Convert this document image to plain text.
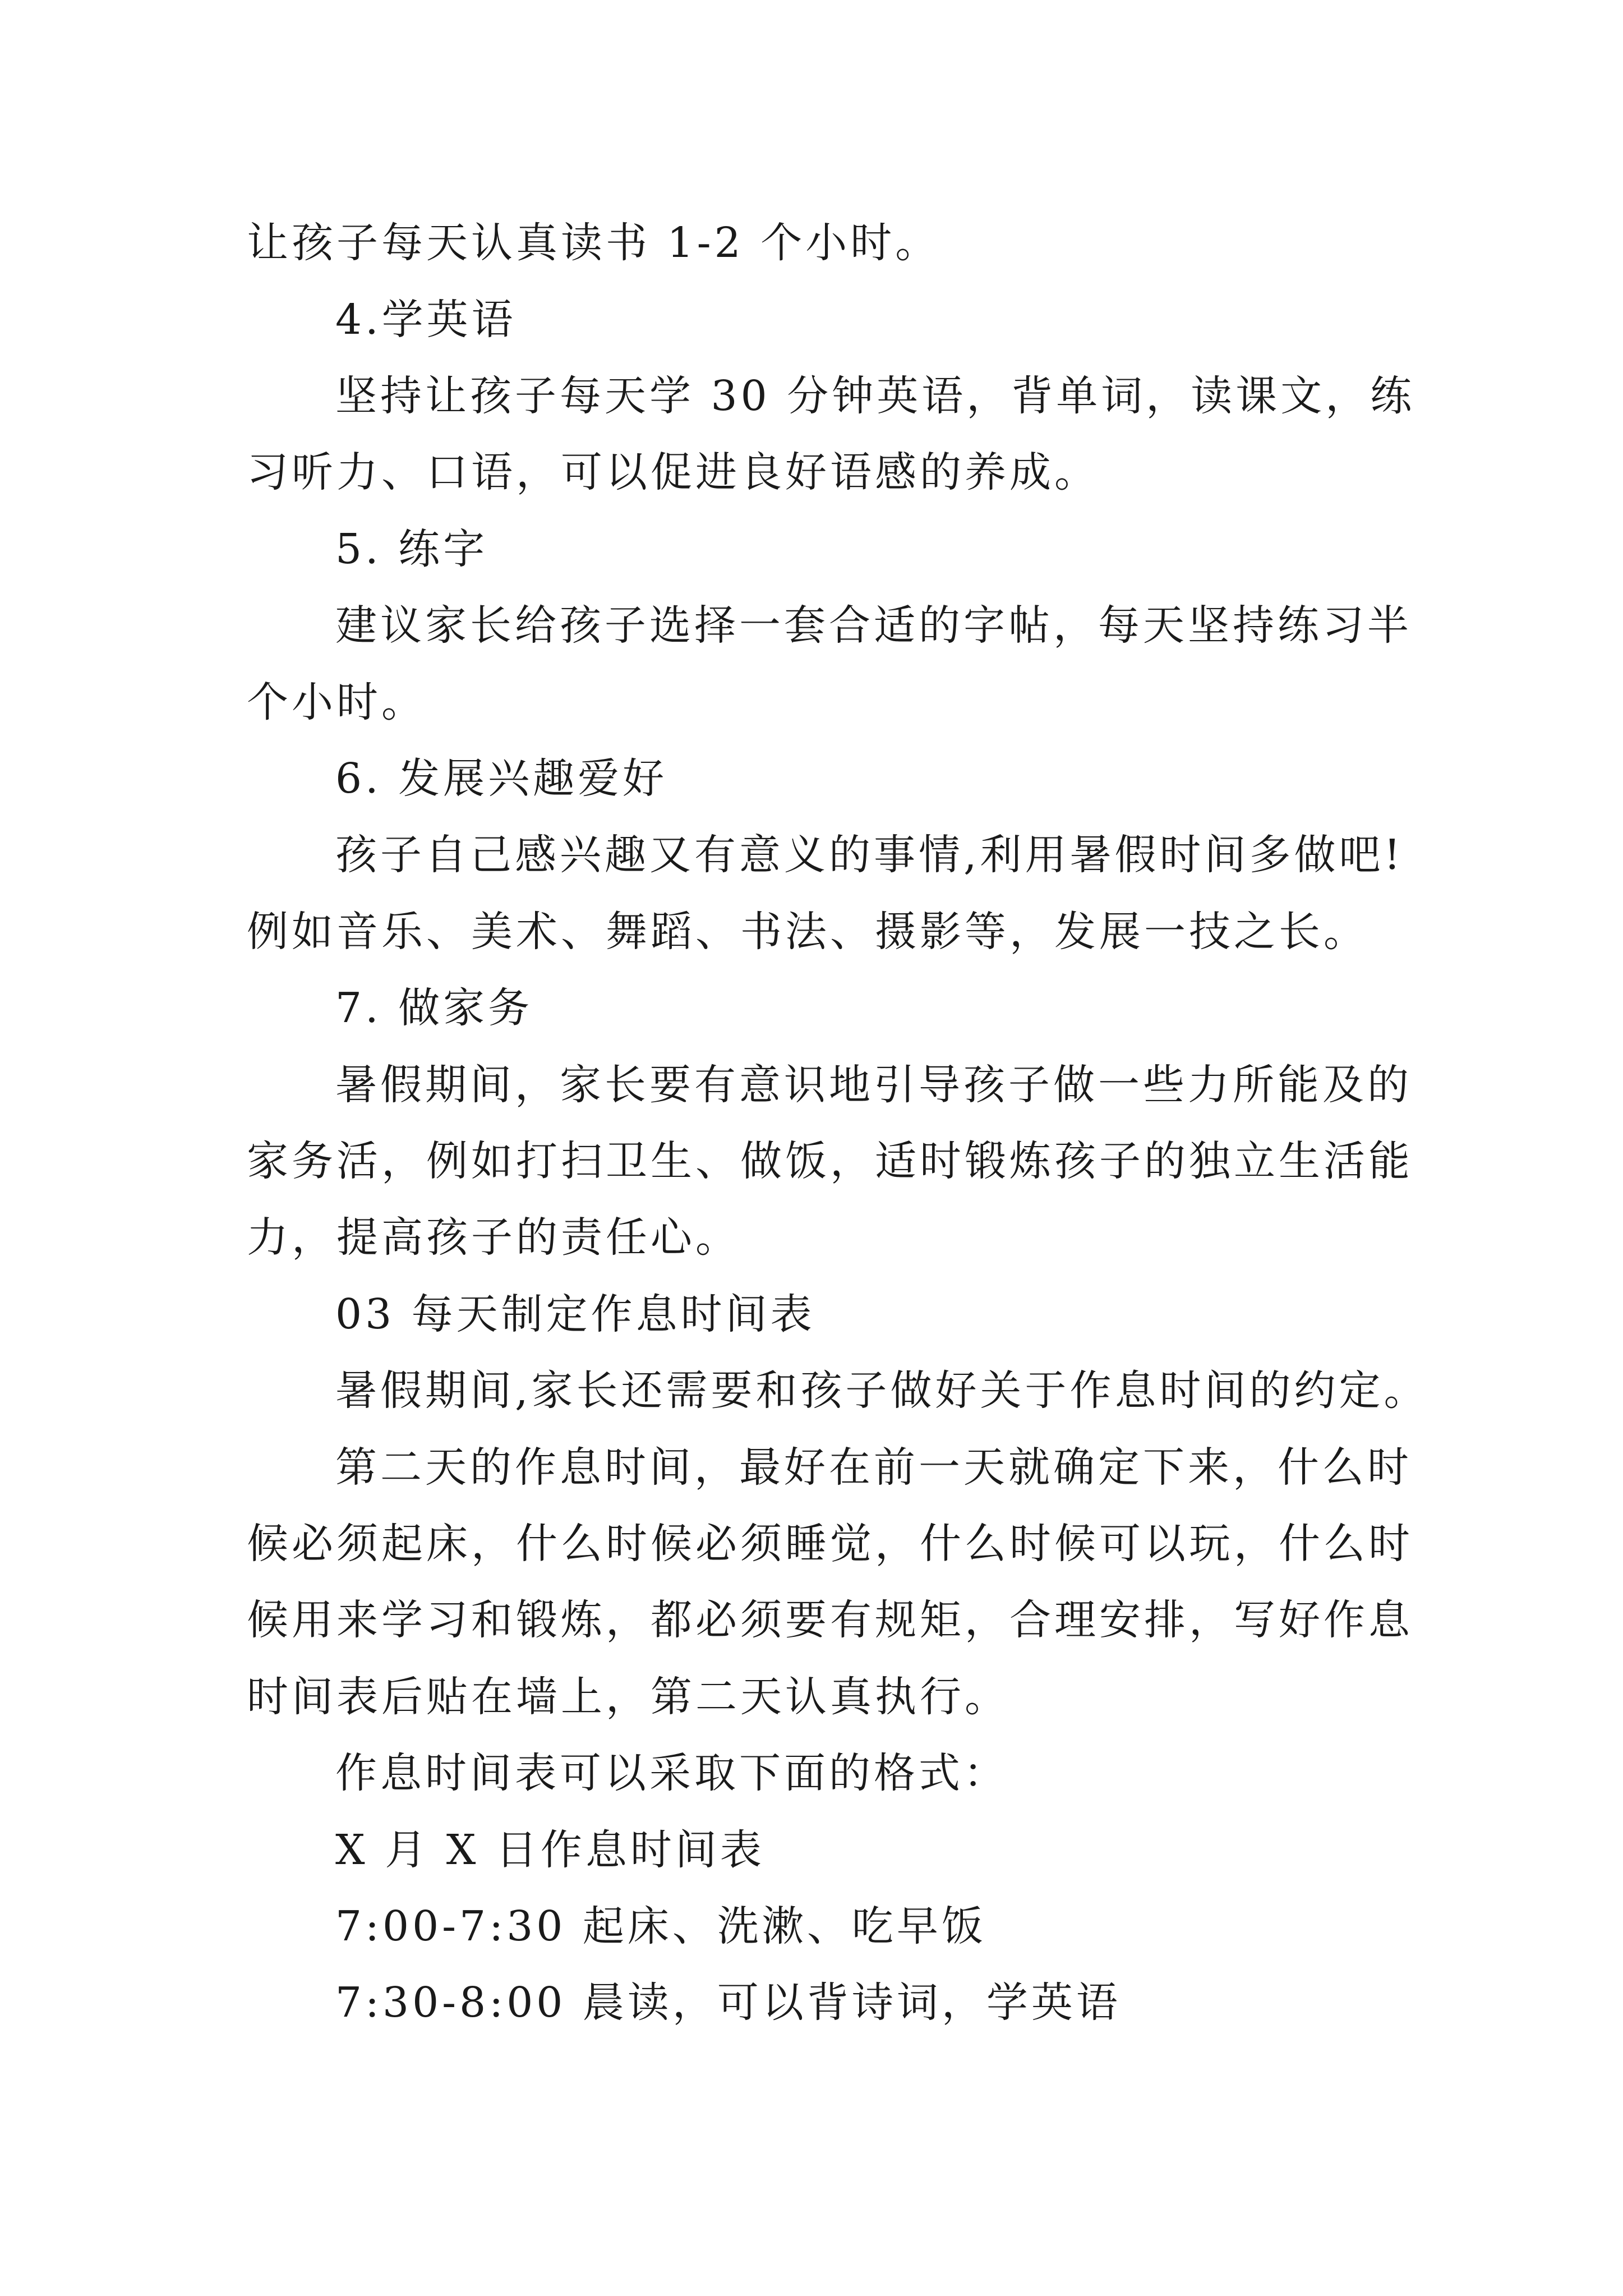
让孩子每天认真读书 1-2 个小时。
4.学英语
坚持让孩子每天学 30 分钟英语，背单词，读课文，练
习听力、口语，可以促进良好语感的养成。
5. 练字
建议家长给孩子选择一套合适的字帖，每天坚持练习半
个小时。
6. 发展兴趣爱好
孩子自己感兴趣又有意义的事情,利用暑假时间多做吧!
例如音乐、美术、舞蹈、书法、摄影等，发展一技之长。
7. 做家务
暑假期间，家长要有意识地引导孩子做一些力所能及的
家务活，例如打扫卫生、做饭，适时锻炼孩子的独立生活能
力，提高孩子的责任心。
03 每天制定作息时间表
暑假期间,家长还需要和孩子做好关于作息时间的约定。
第二天的作息时间，最好在前一天就确定下来，什么时
候必须起床，什么时候必须睡觉，什么时候可以玩，什么时
候用来学习和锻炼，都必须要有规矩，合理安排，写好作息
时间表后贴在墙上，第二天认真执行。
作息时间表可以采取下面的格式：
X 月 X 日作息时间表
7:00-7:30 起床、洗漱、吃早饭
7:30-8:00 晨读，可以背诗词，学英语
